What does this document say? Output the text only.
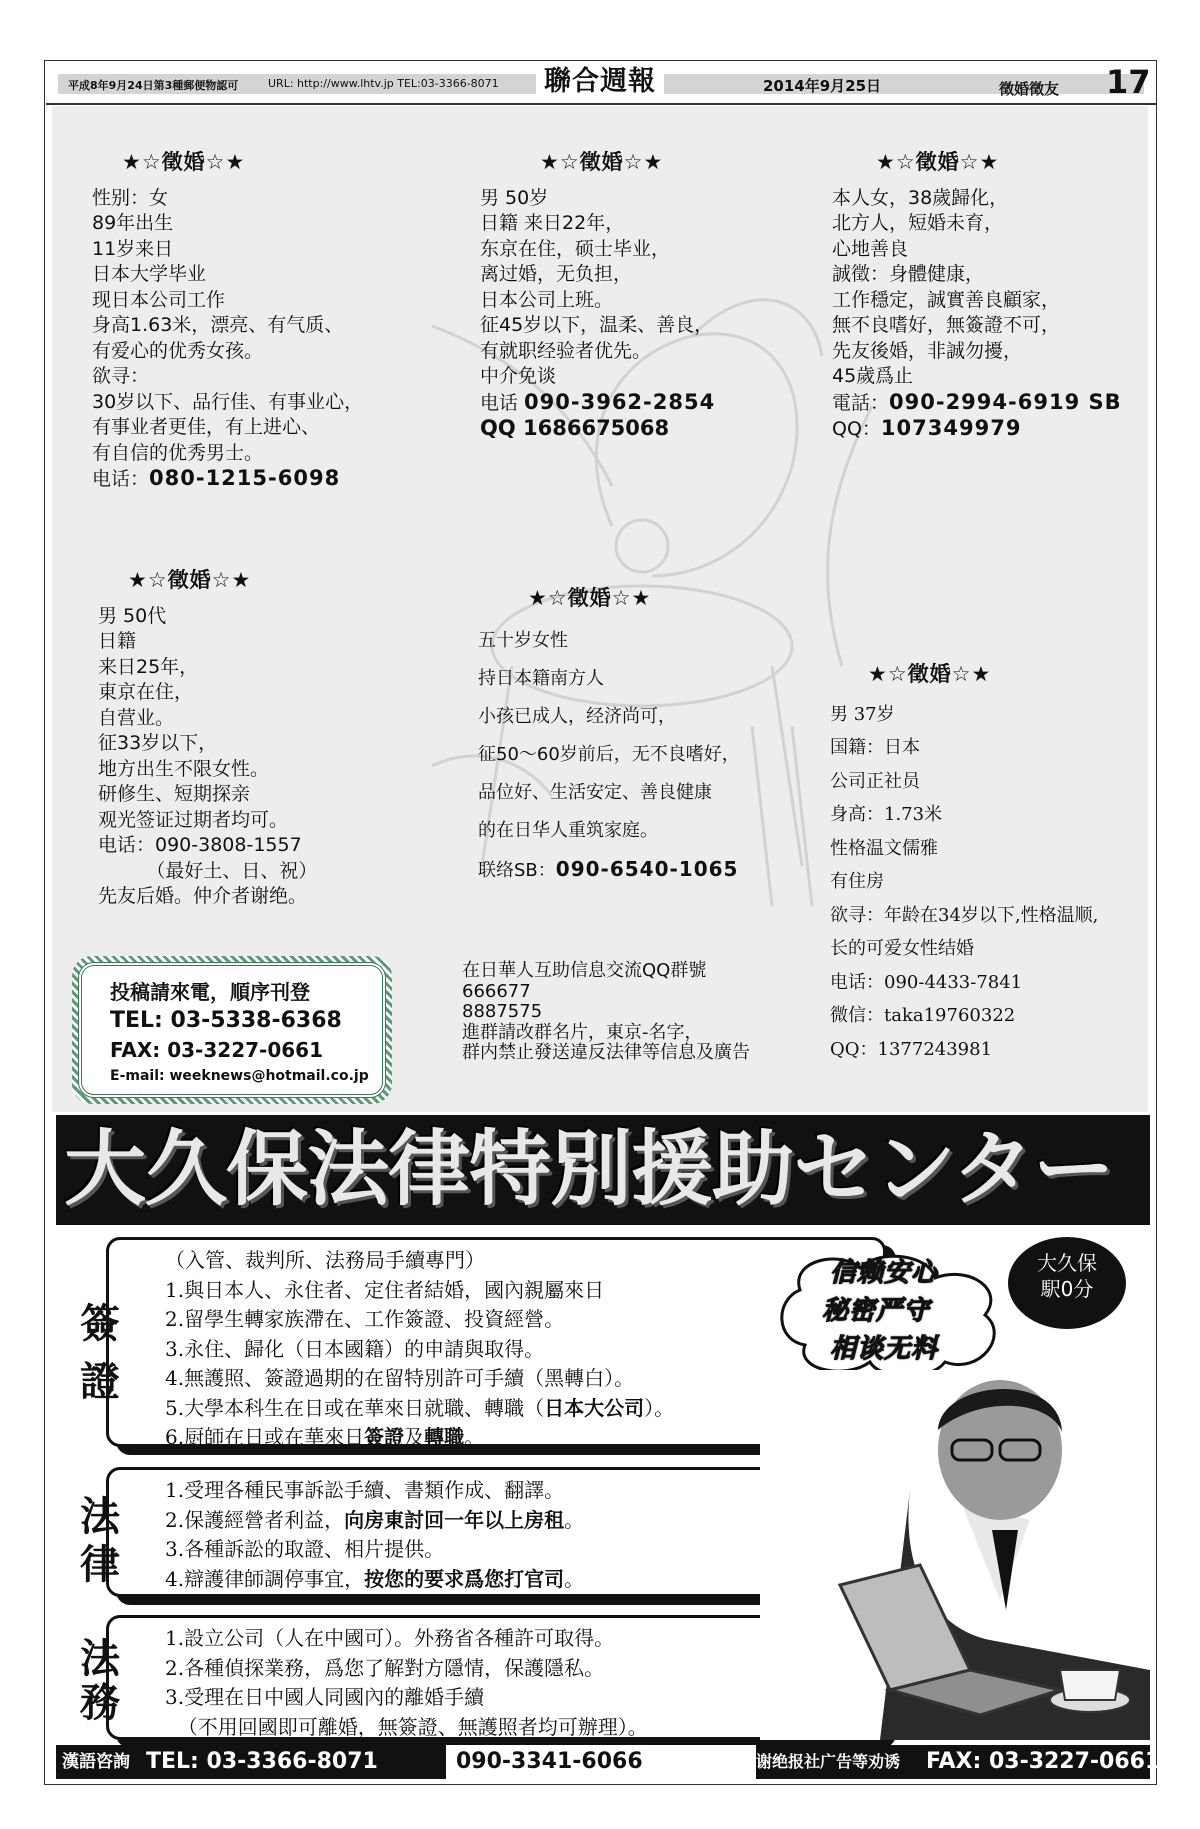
平成8年9月24日第3種郵便物認可	URL: http://www.lhtv.jp TEL:03-3366-8071 聯合週報	2014年9月25日	徵婚徵友 17
★☆徵婚☆★
性别：女
89年出生
11岁来日
日本大学毕业
现日本公司工作
身高1.63米，漂亮、有气质、
有爱心的优秀女孩。
欲寻：
30岁以下、品行佳、有事业心，
有事业者更佳，有上进心、
有自信的优秀男士。
电话：080-1215-6098
★☆徵婚☆★
男 50岁
日籍 来日22年，
东京在住，硕士毕业，
离过婚，无负担，
日本公司上班。
征45岁以下，温柔、善良，
有就职经验者优先。
中介免谈
电话 090-3962-2854
QQ 1686675068
★☆徵婚☆★
本人女，38歲歸化，
北方人，短婚未育，
心地善良
誠徵：身體健康，
工作穩定，誠實善良顧家，
無不良嗜好，無簽證不可，
先友後婚，非誠勿擾，
45歲爲止
電話：090-2994-6919 SB
QQ：107349979
★☆徵婚☆★
男 50代
日籍
来日25年，
東京在住，
自营业。
征33岁以下，
地方出生不限女性。
研修生、短期探亲
观光签证过期者均可。
电话：090-3808-1557
（最好土、日、祝）
先友后婚。仲介者谢绝。
★☆徵婚☆★
五十岁女性
持日本籍南方人
小孩已成人，经济尚可，
征50～60岁前后，无不良嗜好，
品位好、生活安定、善良健康
的在日华人重筑家庭。
联络SB：090-6540-1065
★☆徵婚☆★
男 37岁
国籍：日本
公司正社员
身高：1.73米
性格温文儒雅
有住房
欲寻：年龄在34岁以下,性格温顺,
长的可爱女性结婚
电话：090-4433-7841
微信：taka19760322
QQ：1377243981
投稿請來電，順序刊登
TEL: 03-5338-6368
FAX: 03-3227-0661
E-mail: weeknews@hotmail.co.jp
在日華人互助信息交流QQ群號
666677
8887575
進群請改群名片，東京-名字，
群内禁止發送違反法律等信息及廣告
大久保法律特別援助センター
（入管、裁判所、法務局手續專門）
1.與日本人、永住者、定住者結婚，國內親屬來日
2.留學生轉家族滯在、工作簽證、投資經營。
3.永住、歸化（日本國籍）的申請與取得。
4.無護照、簽證過期的在留特別許可手續（黑轉白）。
5.大學本科生在日或在華來日就職、轉職（日本大公司）。
6.厨師在日或在華來日簽證及轉職。
簽證
1.受理各種民事訴訟手續、書類作成、翻譯。
2.保護經營者利益，向房東討回一年以上房租。
3.各種訴訟的取證、相片提供。
4.辯護律師調停事宜，按您的要求爲您打官司。
法律
1.設立公司（人在中國可）。外務省各種許可取得。
2.各種偵探業務，爲您了解對方隱情，保護隱私。
3.受理在日中國人同國內的離婚手續
（不用回國即可離婚，無簽證、無護照者均可辦理）。
法務
信赖安心
秘密严守
相谈无料
大久保
駅0分
漢語咨詢 TEL: 03-3366-8071	090-3341-6066	谢绝报社广告等劝诱 FAX: 03-3227-0661
